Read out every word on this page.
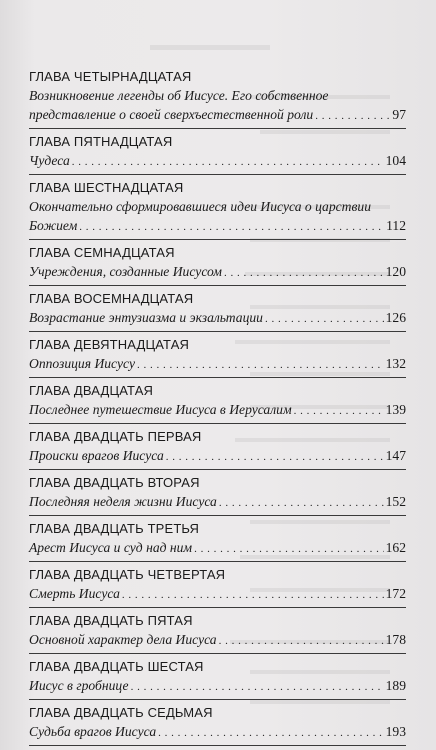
ГЛАВА ЧЕТЫРНАДЦАТАЯ
Возникновение легенды об Иисусе. Его собственное
представление о своей сверхъестественной роли . . .	97
ГЛАВА ПЯТНАДЦАТАЯ
Чудеса . . .	104
ГЛАВА ШЕСТНАДЦАТАЯ
Окончательно сформировавшиеся идеи Иисуса о царствии
Божием . . .	112
ГЛАВА СЕМНАДЦАТАЯ
Учреждения, созданные Иисусом . . .	120
ГЛАВА ВОСЕМНАДЦАТАЯ
Возрастание энтузиазма и экзальтации . . .	126
ГЛАВА ДЕВЯТНАДЦАТАЯ
Оппозиция Иисусу . . .	132
ГЛАВА ДВАДЦАТАЯ
Последнее путешествие Иисуса в Иерусалим . . .	139
ГЛАВА ДВАДЦАТЬ ПЕРВАЯ
Происки врагов Иисуса . . .	147
ГЛАВА ДВАДЦАТЬ ВТОРАЯ
Последняя неделя жизни Иисуса . . .	152
ГЛАВА ДВАДЦАТЬ ТРЕТЬЯ
Арест Иисуса и суд над ним . . .	162
ГЛАВА ДВАДЦАТЬ ЧЕТВЕРТАЯ
Смерть Иисуса . . .	172
ГЛАВА ДВАДЦАТЬ ПЯТАЯ
Основной характер дела Иисуса . . .	178
ГЛАВА ДВАДЦАТЬ ШЕСТАЯ
Иисус в гробнице . . .	189
ГЛАВА ДВАДЦАТЬ СЕДЬМАЯ
Судьба врагов Иисуса . . .	193
